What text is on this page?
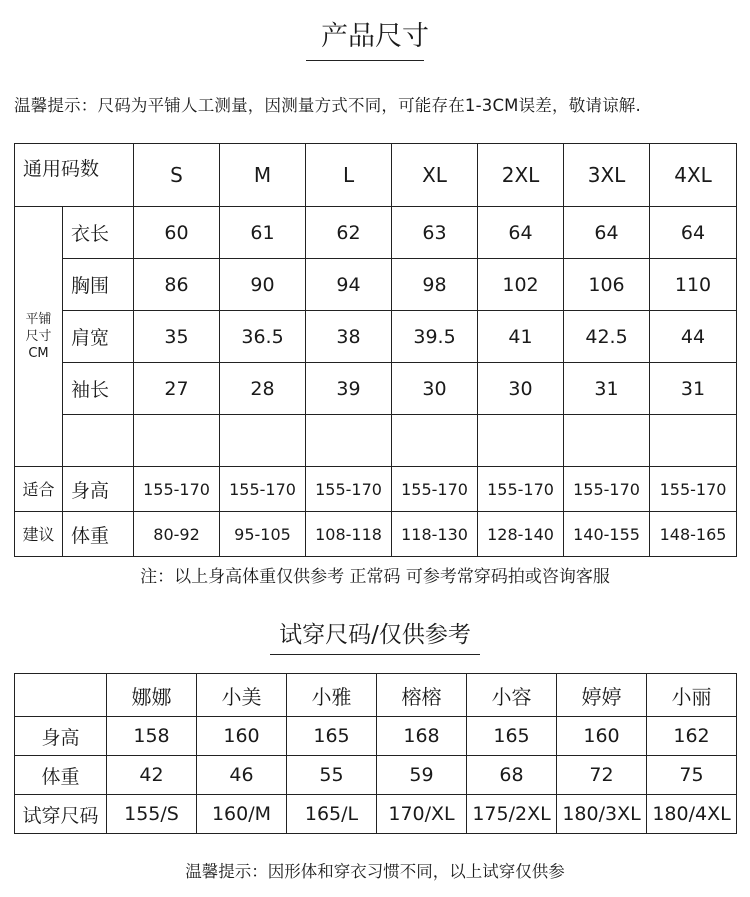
产品尺寸
温馨提示：尺码为平铺人工测量，因测量方式不同，可能存在1-3CM误差，敬请谅解.
通用码数		S	M	L	XL	2XL	3XL	4XL

平铺
尺寸
CM	衣长	60	61	62	63	64	64	64
	胸围	86	90	94	98	102	106	110
	肩宽	35	36.5	38	39.5	41	42.5	44
	袖长	27	28	39	30	30	31	31

适合	身高	155-170	155-170	155-170	155-170	155-170	155-170	155-170
建议	体重	80-92	95-105	108-118	118-130	128-140	140-155	148-165
注：以上身高体重仅供参考 正常码 可参考常穿码拍或咨询客服
试穿尺码/仅供参考
	娜娜	小美	小雅	榕榕	小容	婷婷	小丽
身高	158	160	165	168	165	160	162
体重	42	46	55	59	68	72	75
试穿尺码	155/S	160/M	165/L	170/XL	175/2XL	180/3XL	180/4XL
温馨提示：因形体和穿衣习惯不同，以上试穿仅供参
